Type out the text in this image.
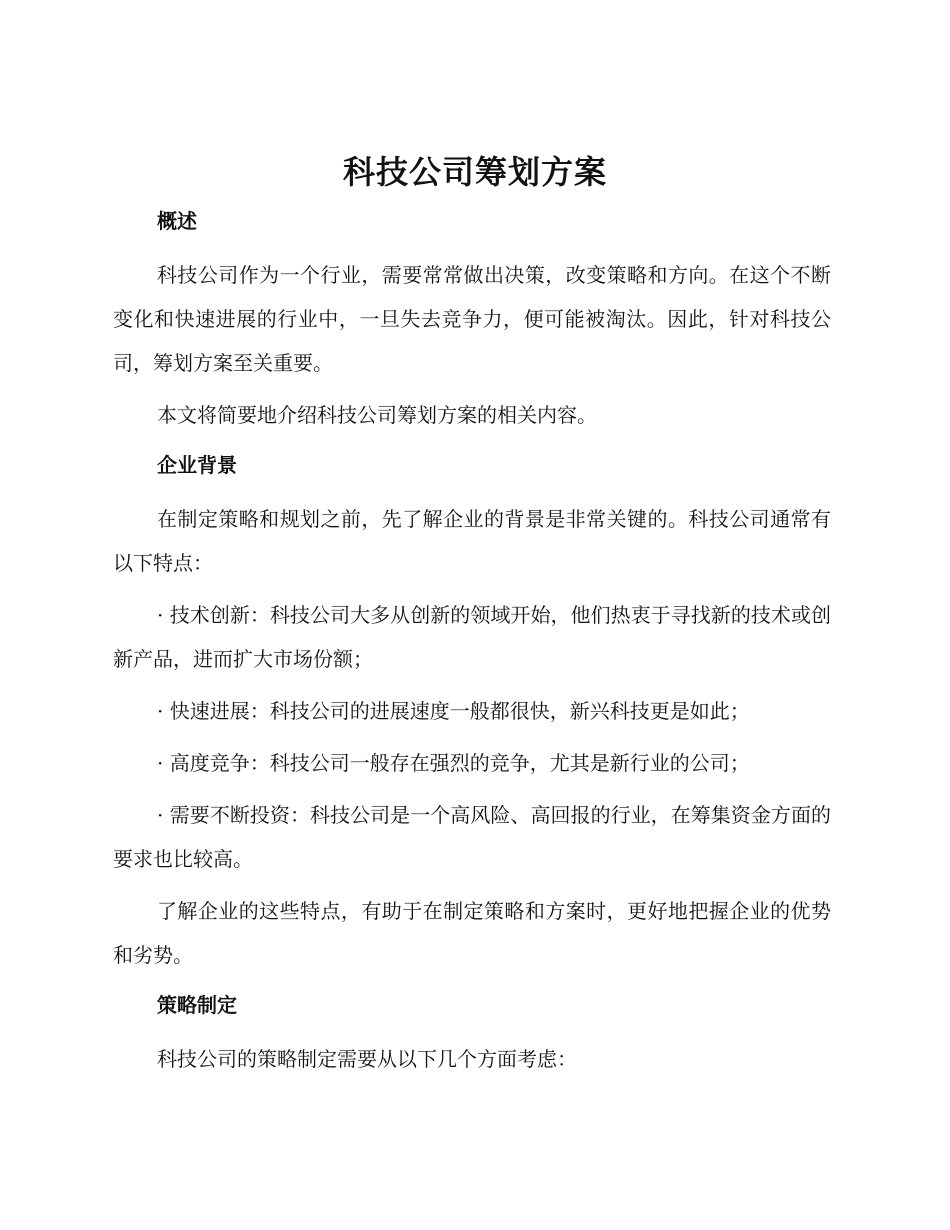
科技公司筹划方案
概述

科技公司作为一个行业，需要常常做出决策，改变策略和方向。在这个不断变化和快速进展的行业中，一旦失去竞争力，便可能被淘汰。因此，针对科技公司，筹划方案至关重要。

本文将简要地介绍科技公司筹划方案的相关内容。

企业背景

在制定策略和规划之前，先了解企业的背景是非常关键的。科技公司通常有以下特点：

· 技术创新：科技公司大多从创新的领域开始，他们热衷于寻找新的技术或创新产品，进而扩大市场份额；

· 快速进展：科技公司的进展速度一般都很快，新兴科技更是如此；

· 高度竞争：科技公司一般存在强烈的竞争，尤其是新行业的公司；

· 需要不断投资：科技公司是一个高风险、高回报的行业，在筹集资金方面的要求也比较高。

了解企业的这些特点，有助于在制定策略和方案时，更好地把握企业的优势和劣势。

策略制定

科技公司的策略制定需要从以下几个方面考虑：
